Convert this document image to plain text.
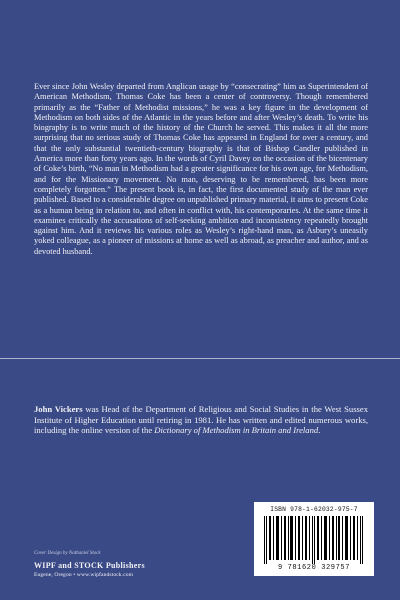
Ever since John Wesley departed from Anglican usage by “consecrating” him as Superintendent of American Methodism, Thomas Coke has been a center of controversy. Though remembered primarily as the “Father of Methodist missions,” he was a key figure in the development of Methodism on both sides of the Atlantic in the years before and after Wesley’s death. To write his biography is to write much of the history of the Church he served. This makes it all the more surprising that no serious study of Thomas Coke has appeared in England for over a century, and that the only substantial twentieth-century biography is that of Bishop Candler published in America more than forty years ago. In the words of Cyril Davey on the occasion of the bicentenary of Coke’s birth, “No man in Methodism had a greater significance for his own age, for Methodism, and for the Missionary movement. No man, deserving to be remembered, has been more completely forgotten.” The present book is, in fact, the first documented study of the man ever published. Based to a considerable degree on unpublished primary material, it aims to present Coke as a human being in relation to, and often in conflict with, his contemporaries. At the same time it examines critically the accusations of self-seeking ambition and inconsistency repeatedly brought against him. And it reviews his various roles as Wesley’s right-hand man, as Asbury’s uneasily yoked colleague, as a pioneer of missions at home as well as abroad, as preacher and author, and as devoted husband.

John Vickers was Head of the Department of Religious and Social Studies in the West Sussex Institute of Higher Education until retiring in 1981. He has written and edited numerous works, including the online version of the Dictionary of Methodism in Britain and Ireland.

ISBN 978-1-62032-975-7
9 781620 329757
Cover Design by Nathaniel Stock
WIPF and STOCK Publishers
Eugene, Oregon • www.wipfandstock.com
